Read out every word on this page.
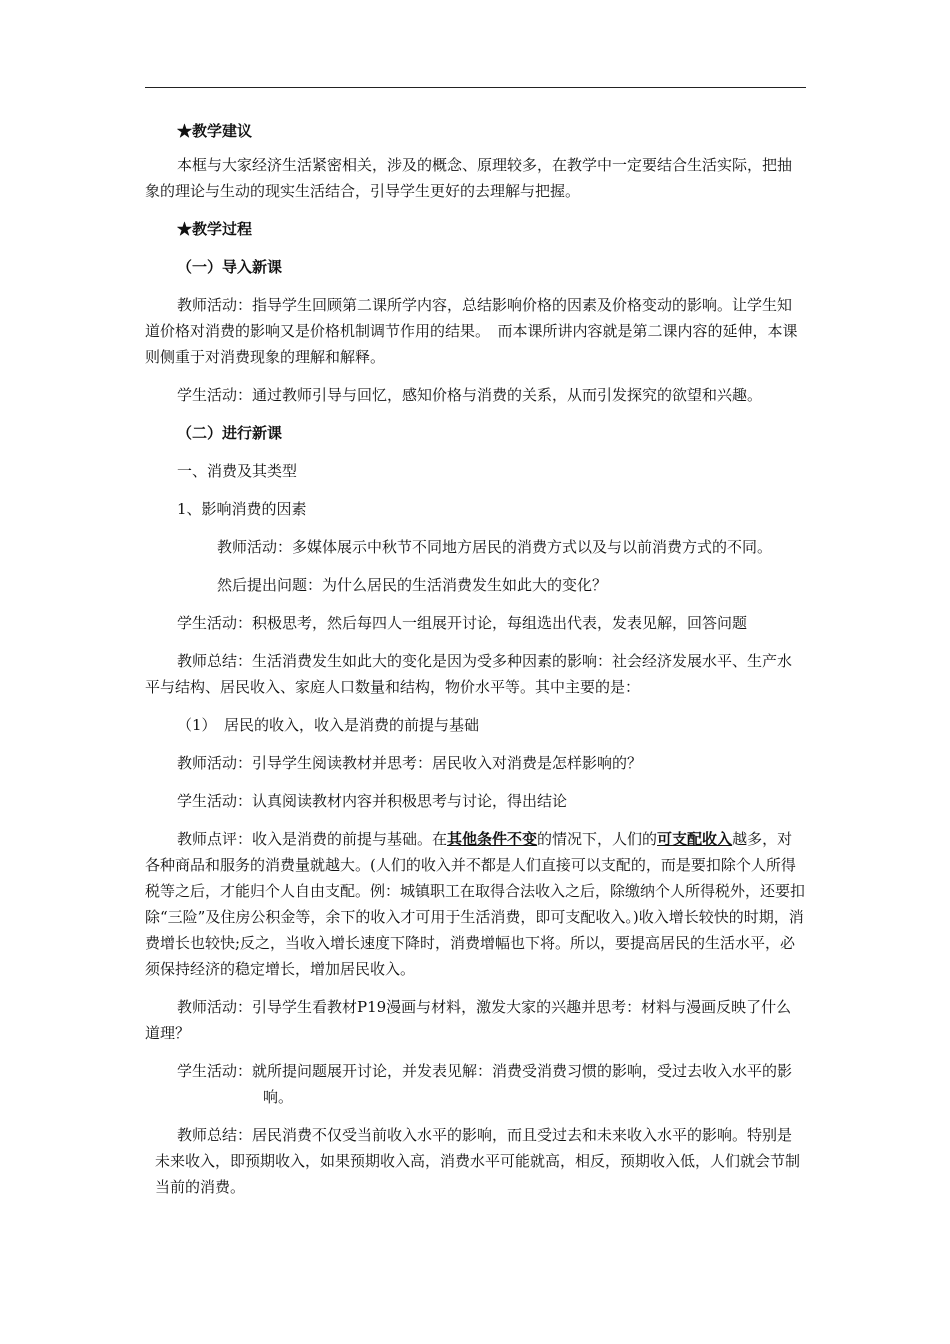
★教学建议

本框与大家经济生活紧密相关，涉及的概念、原理较多，在教学中一定要结合生活实际，把抽象的理论与生动的现实生活结合，引导学生更好的去理解与把握。

★教学过程

（一）导入新课

教师活动：指导学生回顾第二课所学内容，总结影响价格的因素及价格变动的影响。让学生知道价格对消费的影响又是价格机制调节作用的结果。　而本课所讲内容就是第二课内容的延伸，本课则侧重于对消费现象的理解和解释。

学生活动：通过教师引导与回忆，感知价格与消费的关系，从而引发探究的欲望和兴趣。

（二）进行新课

一、消费及其类型

1、影响消费的因素

教师活动：多媒体展示中秋节不同地方居民的消费方式以及与以前消费方式的不同。

然后提出问题：为什么居民的生活消费发生如此大的变化？

学生活动：积极思考，然后每四人一组展开讨论，每组选出代表，发表见解，回答问题

教师总结：生活消费发生如此大的变化是因为受多种因素的影响：社会经济发展水平、生产水平与结构、居民收入、家庭人口数量和结构，物价水平等。其中主要的是：

（1）　居民的收入，收入是消费的前提与基础

教师活动：引导学生阅读教材并思考：居民收入对消费是怎样影响的？

学生活动：认真阅读教材内容并积极思考与讨论，得出结论

教师点评：收入是消费的前提与基础。在其他条件不变的情况下，人们的可支配收入越多，对各种商品和服务的消费量就越大。(人们的收入并不都是人们直接可以支配的，而是要扣除个人所得税等之后，才能归个人自由支配。例：城镇职工在取得合法收入之后，除缴纳个人所得税外，还要扣除“三险”及住房公积金等，余下的收入才可用于生活消费，即可支配收入。)收入增长较快的时期，消费增长也较快;反之，当收入增长速度下降时，消费增幅也下将。所以，要提高居民的生活水平，必须保持经济的稳定增长，增加居民收入。

教师活动：引导学生看教材P19漫画与材料，激发大家的兴趣并思考：材料与漫画反映了什么道理？

学生活动：就所提问题展开讨论，并发表见解：消费受消费习惯的影响，受过去收入水平的影响。

教师总结：居民消费不仅受当前收入水平的影响，而且受过去和未来收入水平的影响。特别是未来收入，即预期收入，如果预期收入高，消费水平可能就高，相反，预期收入低，人们就会节制当前的消费。
